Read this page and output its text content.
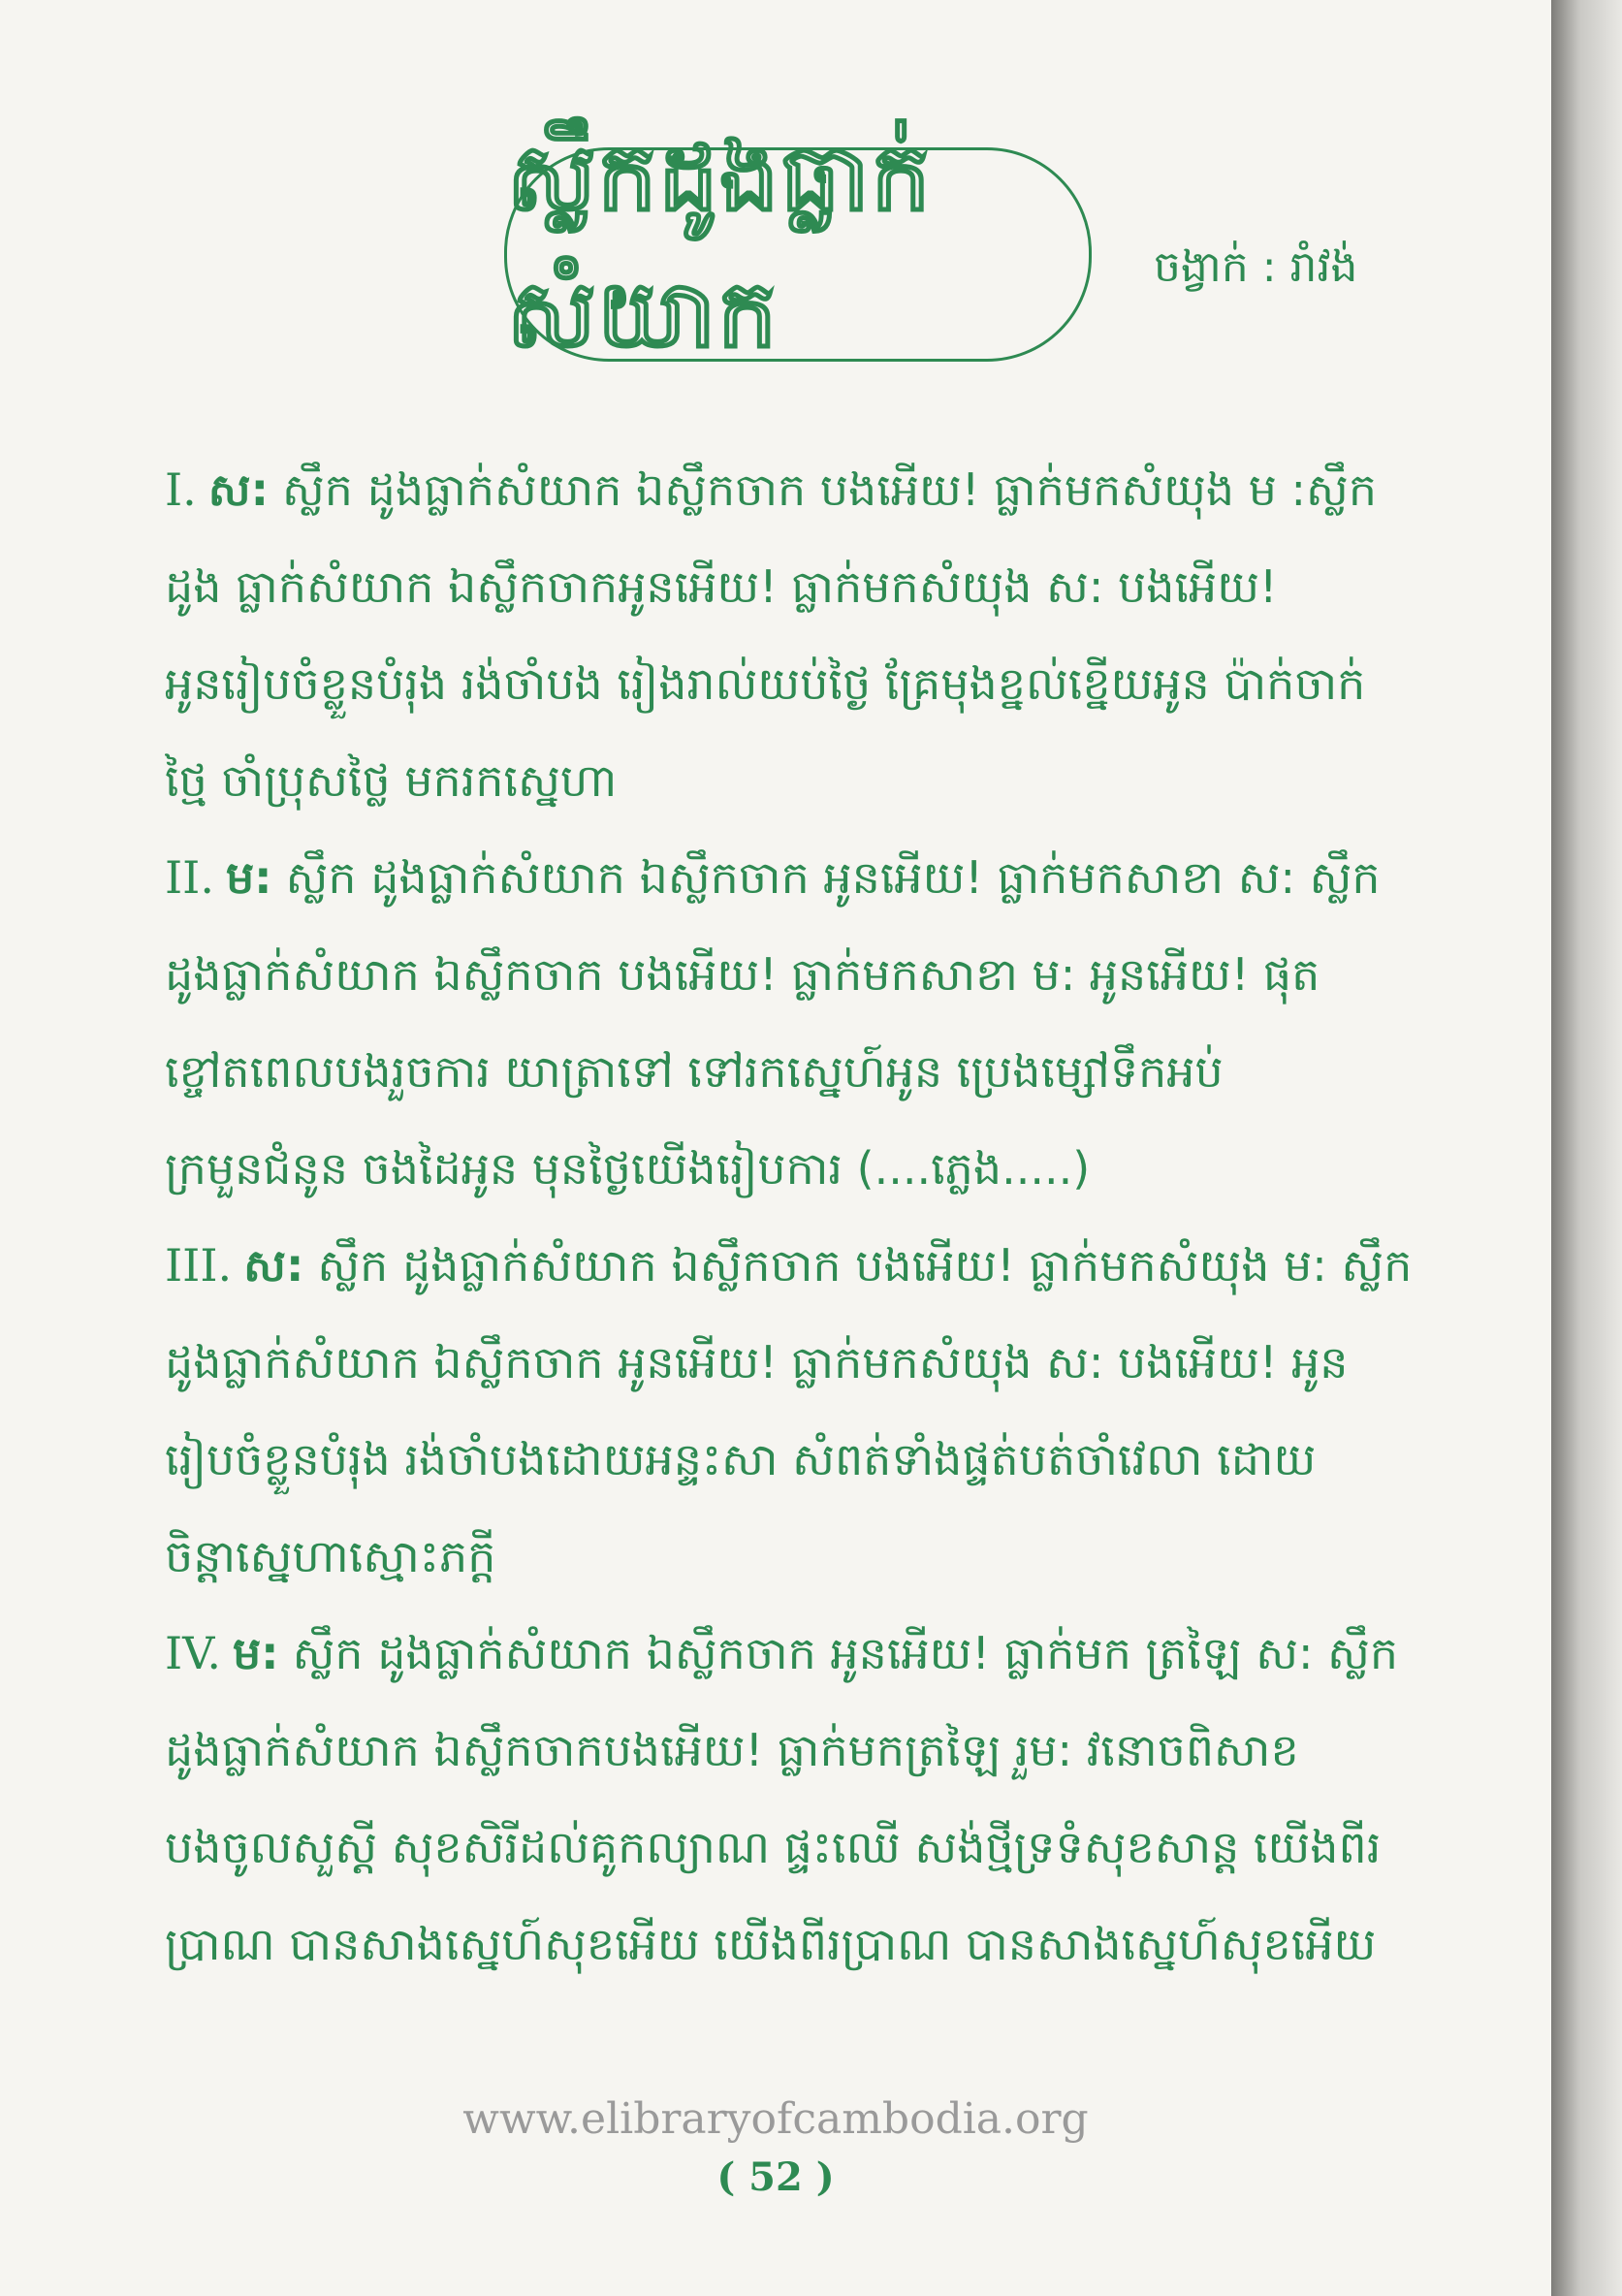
ស្លឹកដូងធ្លាក់សំយាក	ចង្វាក់ : រាំវង់
I. ស: ស្លឹក ដូងធ្លាក់សំយាក ឯស្លឹកចាក បងអើយ! ធ្លាក់មកសំយុង ម :ស្លឹក
ដូង ធ្លាក់សំយាក ឯស្លឹកចាកអូនអើយ! ធ្លាក់មកសំយុង ស: បងអើយ!
អូនរៀបចំខ្លួនបំរុង រង់ចាំបង រៀងរាល់យប់ថ្ងៃ គ្រែមុងខ្នល់ខ្នើយអូន ប៉ាក់ចាក់
ថ្មៃ ចាំប្រុសថ្លៃ មករកស្នេហា
II. ម: ស្លឹក ដូងធ្លាក់សំយាក ឯស្លឹកចាក អូនអើយ! ធ្លាក់មកសាខា ស: ស្លឹក
ដូងធ្លាក់សំយាក ឯស្លឹកចាក បងអើយ! ធ្លាក់មកសាខា ម: អូនអើយ! ផុត
ខ្ចៅតពេលបងរួចការ យាត្រាទៅ ទៅរកស្នេហ៍អូន ប្រេងម្សៅទឹកអប់
ក្រមួនជំនូន ចងដៃអូន មុនថ្ងៃយើងរៀបការ (....ភ្លេង.....)
III. ស: ស្លឹក ដូងធ្លាក់សំយាក ឯស្លឹកចាក បងអើយ! ធ្លាក់មកសំយុង ម: ស្លឹក
ដូងធ្លាក់សំយាក ឯស្លឹកចាក អូនអើយ! ធ្លាក់មកសំយុង ស: បងអើយ! អូន
រៀបចំខ្លួនបំរុង រង់ចាំបងដោយអន្ទះសា សំពត់ទាំងផ្ទត់បត់ចាំវេលា ដោយ
ចិន្តាស្នេហាស្មោះភក្តី
IV. ម: ស្លឹក ដូងធ្លាក់សំយាក ឯស្លឹកចាក អូនអើយ! ធ្លាក់មក ត្រឡៃ ស: ស្លឹក
ដូងធ្លាក់សំយាក ឯស្លឹកចាកបងអើយ! ធ្លាក់មកត្រឡៃ រួម: វនោចពិសាខ
បងចូលសួស្តី សុខសិរីដល់គូកល្យាណ ផ្ទះឈើ សង់ថ្មីទ្រទំសុខសាន្ត យើងពីរ
ប្រាណ បានសាងស្នេហ៍សុខអើយ យើងពីរប្រាណ បានសាងស្នេហ៍សុខអើយ
www.elibraryofcambodia.org
( 52 )
